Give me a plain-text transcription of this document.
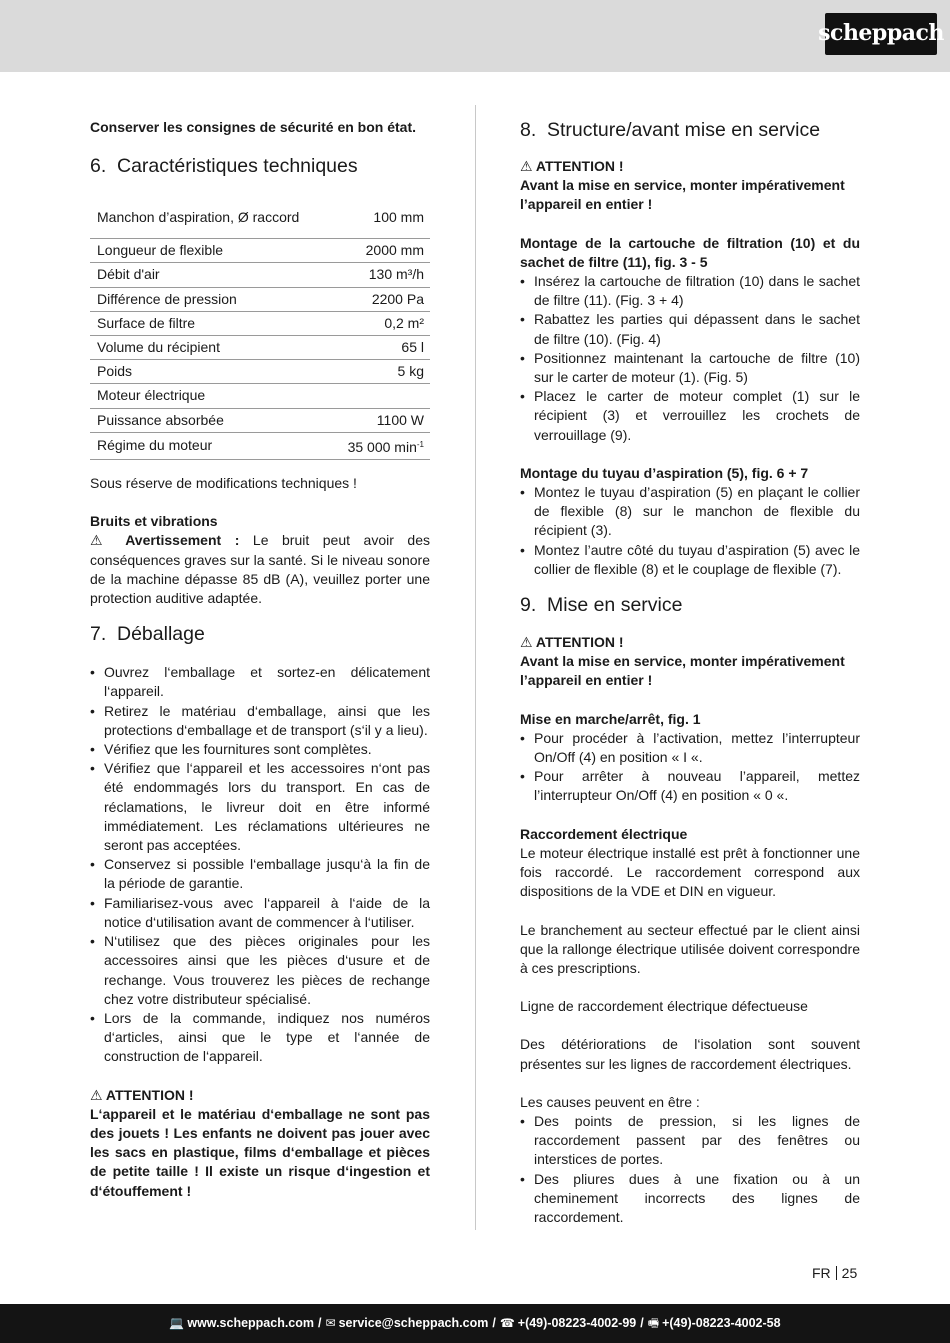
scheppach

Conserver les consignes de sécurité en bon état.

6. Caractéristiques techniques
Manchon d’aspiration, Ø raccord	100 mm
Longueur de flexible	2000 mm
Débit d'air	130 m³/h
Différence de pression	2200 Pa
Surface de filtre	0,2 m²
Volume du récipient	65 l
Poids	5 kg
Moteur électrique	
Puissance absorbée	1100 W
Régime du moteur	35 000 $\min^{-1}$

Sous réserve de modifications techniques !

Bruits et vibrations

⚠ Avertissement : Le bruit peut avoir des conséquences graves sur la santé. Si le niveau sonore de la machine dépasse 85 dB (A), veuillez porter une protection auditive adaptée.

7. Déballage
• Ouvrez l‘emballage et sortez-en délicatement l‘appareil.
• Retirez le matériau d‘emballage, ainsi que les protections d‘emballage et de transport (s‘il y a lieu).
• Vérifiez que les fournitures sont complètes.
• Vérifiez que l‘appareil et les accessoires n‘ont pas été endommagés lors du transport. En cas de réclamations, le livreur doit en être informé immédiatement. Les réclamations ultérieures ne seront pas acceptées.
• Conservez si possible l‘emballage jusqu‘à la fin de la période de garantie.
• Familiarisez-vous avec l‘appareil à l‘aide de la notice d‘utilisation avant de commencer à l‘utiliser.
• N‘utilisez que des pièces originales pour les accessoires ainsi que les pièces d‘usure et de rechange. Vous trouverez les pièces de rechange chez votre distributeur spécialisé.
• Lors de la commande, indiquez nos numéros d‘articles, ainsi que le type et l‘année de construction de l‘appareil.

⚠ ATTENTION !

L‘appareil et le matériau d‘emballage ne sont pas des jouets ! Les enfants ne doivent pas jouer avec les sacs en plastique, films d‘emballage et pièces de petite taille ! Il existe un risque d‘ingestion et d‘étouffement !

8. Structure/avant mise en service

⚠ ATTENTION !

Avant la mise en service, monter impérativement l’appareil en entier !

Montage de la cartouche de filtration (10) et du sachet de filtre (11), fig. 3 - 5

• Insérez la cartouche de filtration (10) dans le sachet de filtre (11). (Fig. 3 + 4)
• Rabattez les parties qui dépassent dans le sachet de filtre (10). (Fig. 4)
• Positionnez maintenant la cartouche de filtre (10) sur le carter de moteur (1). (Fig. 5)
• Placez le carter de moteur complet (1) sur le récipient (3) et verrouillez les crochets de verrouillage (9).

Montage du tuyau d’aspiration (5), fig. 6 + 7

• Montez le tuyau d’aspiration (5) en plaçant le collier de flexible (8) sur le manchon de flexible du récipient (3).
• Montez l’autre côté du tuyau d’aspiration (5) avec le collier de flexible (8) et le couplage de flexible (7).
9. Mise en service

⚠ ATTENTION !

Avant la mise en service, monter impérativement l’appareil en entier !

Mise en marche/arrêt, fig. 1

• Pour procéder à l’activation, mettez l’interrupteur On/Off (4) en position « I «.
• Pour arrêter à nouveau l’appareil, mettez l’interrupteur On/Off (4) en position « 0 «.

Raccordement électrique

Le moteur électrique installé est prêt à fonctionner une fois raccordé. Le raccordement correspond aux dispositions de la VDE et DIN en vigueur.

Le branchement au secteur effectué par le client ainsi que la rallonge électrique utilisée doivent correspondre à ces prescriptions.

Ligne de raccordement électrique défectueuse

Des détériorations de l‘isolation sont souvent présentes sur les lignes de raccordement électriques.

Les causes peuvent en être :

• Des points de pression, si les lignes de raccordement passent par des fenêtres ou interstices de portes.
• Des pliures dues à une fixation ou à un cheminement incorrects des lignes de raccordement.
FR 25
💻 www.scheppach.com / ✉ service@scheppach.com / ☎ +(49)-08223-4002-99 / 🖷 +(49)-08223-4002-58
